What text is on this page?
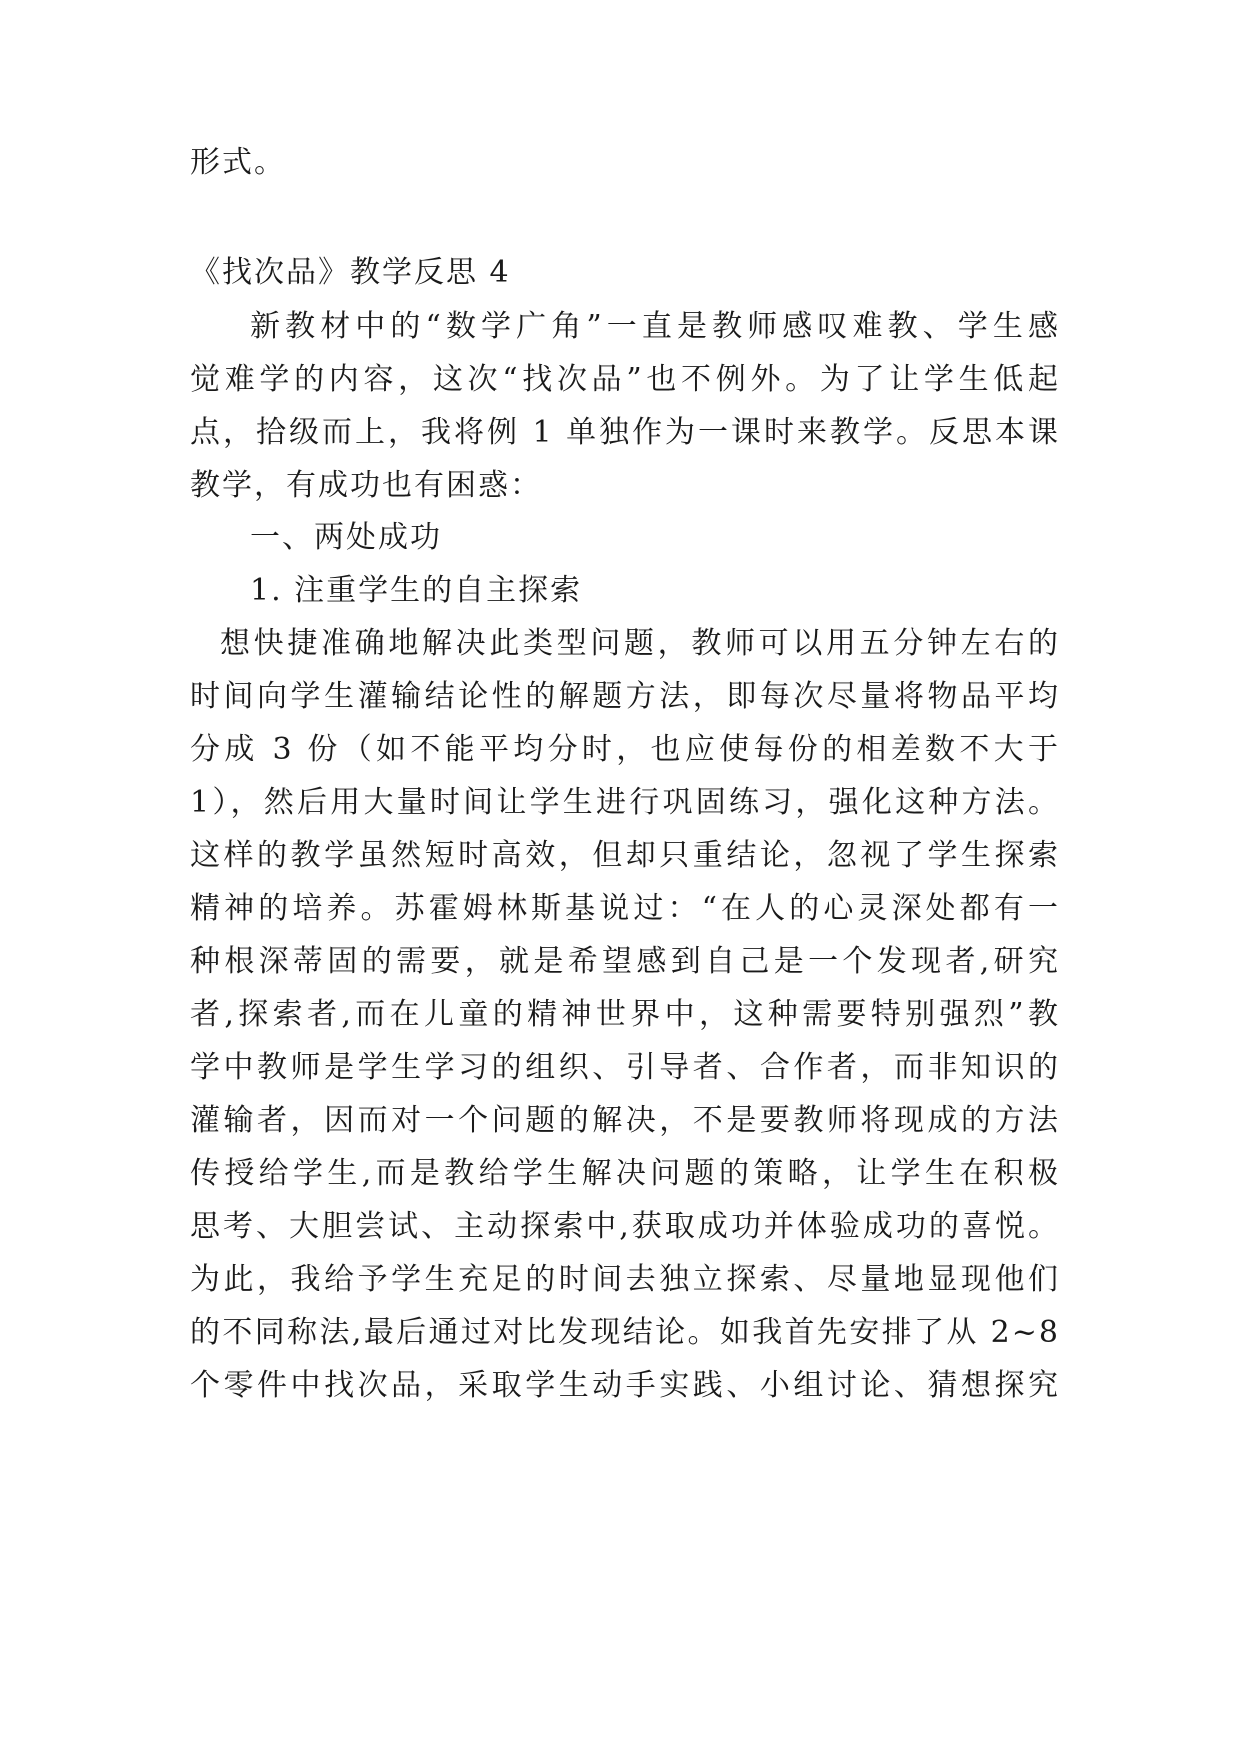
形式。
《找次品》教学反思 4
新教材中的“数学广角”一直是教师感叹难教、学生感
觉难学的内容，这次“找次品”也不例外。为了让学生低起
点，拾级而上，我将例 1 单独作为一课时来教学。反思本课
教学，有成功也有困惑：
一、两处成功
1. 注重学生的自主探索
想快捷准确地解决此类型问题，教师可以用五分钟左右的
时间向学生灌输结论性的解题方法，即每次尽量将物品平均
分成 3 份（如不能平均分时，也应使每份的相差数不大于
1），然后用大量时间让学生进行巩固练习，强化这种方法。
这样的教学虽然短时高效，但却只重结论，忽视了学生探索
精神的培养。苏霍姆林斯基说过：“在人的心灵深处都有一
种根深蒂固的需要，就是希望感到自己是一个发现者,研究
者,探索者,而在儿童的精神世界中，这种需要特别强烈”教
学中教师是学生学习的组织、引导者、合作者，而非知识的
灌输者，因而对一个问题的解决，不是要教师将现成的方法
传授给学生,而是教给学生解决问题的策略，让学生在积极
思考、大胆尝试、主动探索中,获取成功并体验成功的喜悦。
为此，我给予学生充足的时间去独立探索、尽量地显现他们
的不同称法,最后通过对比发现结论。如我首先安排了从 2~8
个零件中找次品，采取学生动手实践、小组讨论、猜想探究
